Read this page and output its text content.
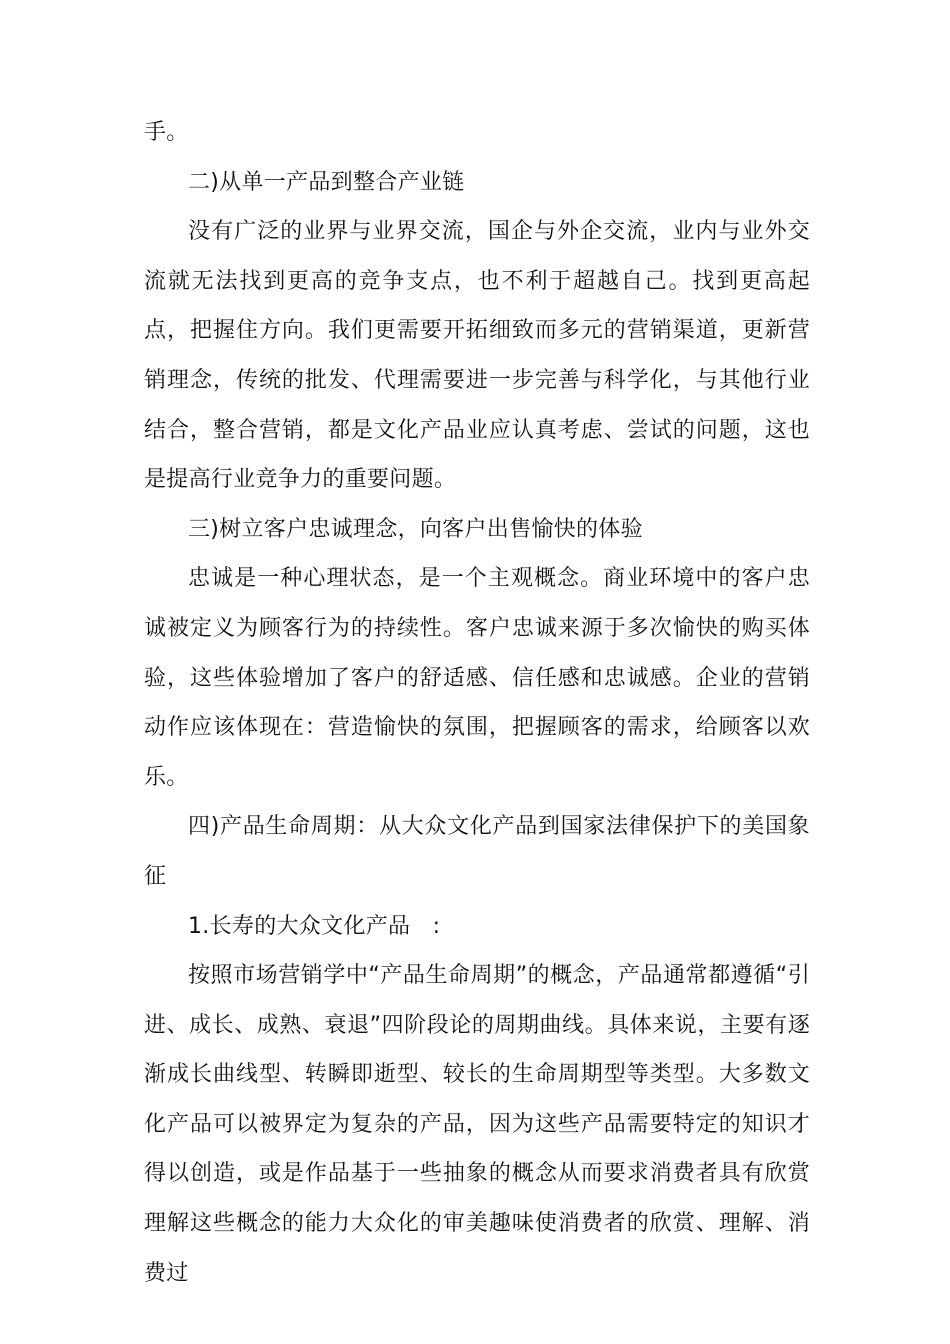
手。

二)从单一产品到整合产业链

没有广泛的业界与业界交流，国企与外企交流，业内与业外交流就无法找到更高的竞争支点，也不利于超越自己。找到更高起点，把握住方向。我们更需要开拓细致而多元的营销渠道，更新营销理念，传统的批发、代理需要进一步完善与科学化，与其他行业结合，整合营销，都是文化产品业应认真考虑、尝试的问题，这也是提高行业竞争力的重要问题。

三)树立客户忠诚理念，向客户出售愉快的体验

忠诚是一种心理状态，是一个主观概念。商业环境中的客户忠诚被定义为顾客行为的持续性。客户忠诚来源于多次愉快的购买体验，这些体验增加了客户的舒适感、信任感和忠诚感。企业的营销动作应该体现在：营造愉快的氛围，把握顾客的需求，给顾客以欢乐。

四)产品生命周期：从大众文化产品到国家法律保护下的美国象征

1.长寿的大众文化产品　:

按照市场营销学中“产品生命周期”的概念，产品通常都遵循“引进、成长、成熟、衰退”四阶段论的周期曲线。具体来说，主要有逐渐成长曲线型、转瞬即逝型、较长的生命周期型等类型。大多数文化产品可以被界定为复杂的产品，因为这些产品需要特定的知识才得以创造，或是作品基于一些抽象的概念从而要求消费者具有欣赏理解这些概念的能力大众化的审美趣味使消费者的欣赏、理解、消费过
